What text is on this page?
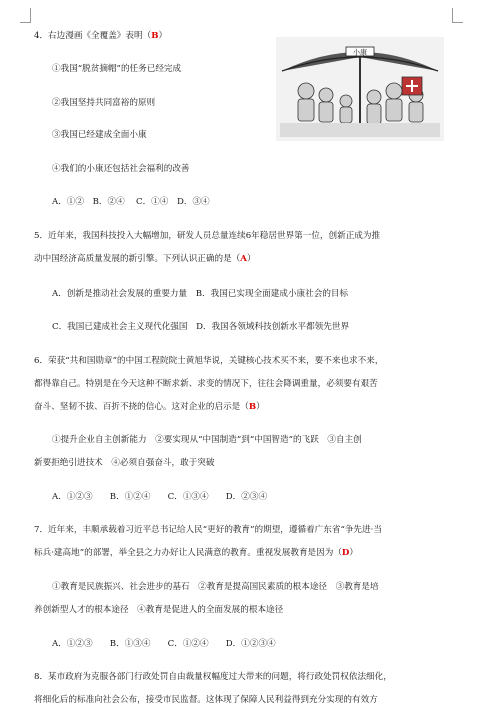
4．右边漫画《全覆盖》表明（B）
①我国“脱贫摘帽”的任务已经完成
②我国坚持共同富裕的原则
③我国已经建成全面小康
④我们的小康还包括社会福利的改善
A．①②　B．②④　 C．①④　D．③④
小康
5．近年来，我国科技投入大幅增加，研发人员总量连续6年稳居世界第一位，创新正成为推
动中国经济高质量发展的新引擎。下列认识正确的是（A）
A．创新是推动社会发展的重要力量　B．我国已实现全面建成小康社会的目标
C．我国已建成社会主义现代化强国　D．我国各领域科技创新水平都领先世界
6．荣获“共和国勋章”的中国工程院院士黄旭华说，关键核心技术买不来，要不来也求不来，
都得靠自己。特别是在今天这种不断求新、求变的情况下，往往会降调重量，必须要有艰苦
奋斗、坚韧不拔、百折不挠的信心。这对企业的启示是（B）
①提升企业自主创新能力　②要实现从“中国制造”到“中国智造”的飞跃　③自主创
新要拒绝引进技术　④必须自强奋斗，敢于突破
A．①②③　　B．①②④　　C．①③④　　D．②③④
7．近年来，丰顺承载着习近平总书记给人民“更好的教育”的期望，遵循着广东省“争先进·当
标兵·建高地”的部署，举全县之力办好让人民满意的教育。重视发展教育是因为（D）
①教育是民族振兴、社会进步的基石　②教育是提高国民素质的根本途径　③教育是培
养创新型人才的根本途径　④教育是促进人的全面发展的根本途径
A．①②③　　B．①③④　　C．①②④　　D．①②③④
8．某市政府为克服各部门行政处罚自由裁量权幅度过大带来的问题，将行政处罚权依法细化，
将细化后的标准向社会公布，接受市民监督。这体现了保障人民利益得到充分实现的有效方
